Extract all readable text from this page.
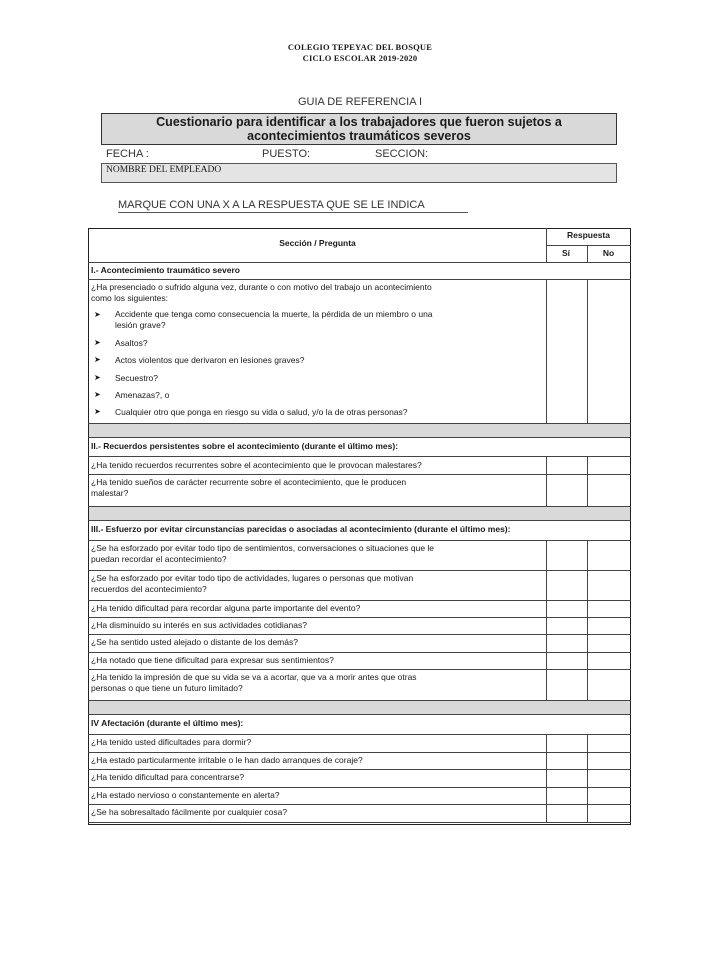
COLEGIO TEPEYAC DEL BOSQUE
CICLO ESCOLAR 2019-2020
GUIA DE REFERENCIA I
Cuestionario para identificar a los trabajadores que fueron sujetos a
acontecimientos traumáticos severos
FECHA :	PUESTO:	SECCION:
NOMBRE DEL EMPLEADO
MARQUE CON UNA X A LA RESPUESTA QUE SE LE INDICA
Sección / Pregunta
Respuesta
Sí	No
I.- Acontecimiento traumático severo
¿Ha presenciado o sufrido alguna vez, durante o con motivo del trabajo un acontecimiento
como los siguientes:
➤ Accidente que tenga como consecuencia la muerte, la pérdida de un miembro o una
lesión grave?
➤ Asaltos?
➤ Actos violentos que derivaron en lesiones graves?
➤ Secuestro?
➤ Amenazas?, o
➤ Cualquier otro que ponga en riesgo su vida o salud, y/o la de otras personas?
II.- Recuerdos persistentes sobre el acontecimiento (durante el último mes):
¿Ha tenido recuerdos recurrentes sobre el acontecimiento que le provocan malestares?
¿Ha tenido sueños de carácter recurrente sobre el acontecimiento, que le producen
malestar?
III.- Esfuerzo por evitar circunstancias parecidas o asociadas al acontecimiento (durante el último mes):
¿Se ha esforzado por evitar todo tipo de sentimientos, conversaciones o situaciones que le
puedan recordar el acontecimiento?
¿Se ha esforzado por evitar todo tipo de actividades, lugares o personas que motivan
recuerdos del acontecimiento?
¿Ha tenido dificultad para recordar alguna parte importante del evento?
¿Ha disminuido su interés en sus actividades cotidianas?
¿Se ha sentido usted alejado o distante de los demás?
¿Ha notado que tiene dificultad para expresar sus sentimientos?
¿Ha tenido la impresión de que su vida se va a acortar, que va a morir antes que otras
personas o que tiene un futuro limitado?
IV Afectación (durante el último mes):
¿Ha tenido usted dificultades para dormir?
¿Ha estado particularmente irritable o le han dado arranques de coraje?
¿Ha tenido dificultad para concentrarse?
¿Ha estado nervioso o constantemente en alerta?
¿Se ha sobresaltado fácilmente por cualquier cosa?
